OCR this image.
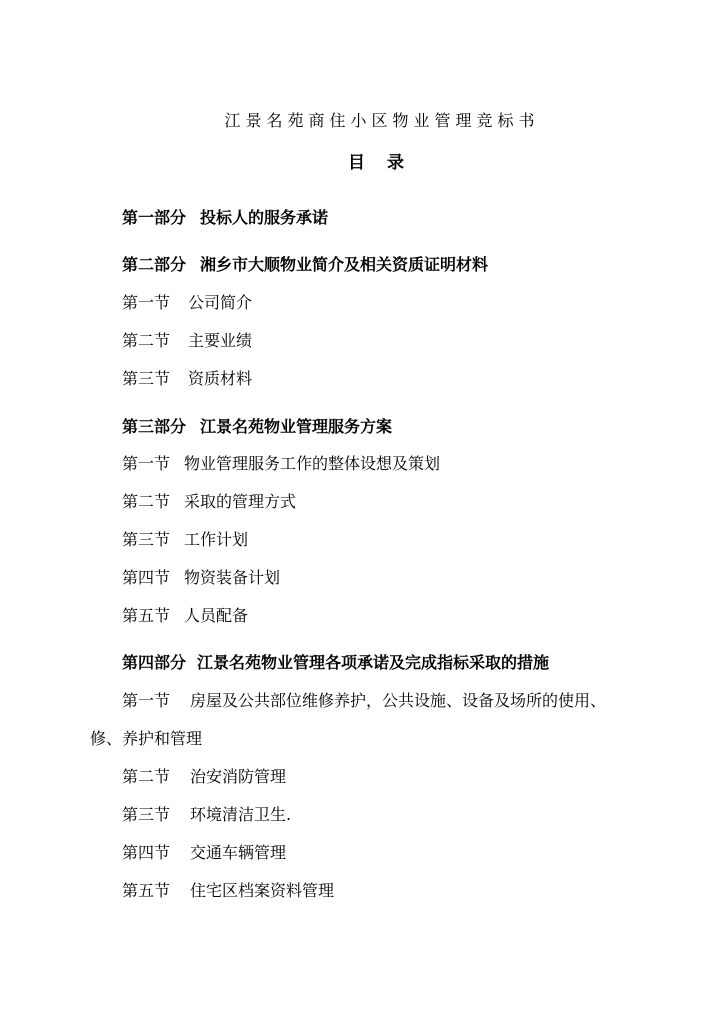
江景名苑商住小区物业管理竞标书
目 录
第一部分 投标人的服务承诺
第二部分 湘乡市大顺物业简介及相关资质证明材料
第一节 公司简介
第二节 主要业绩
第三节 资质材料
第三部分 江景名苑物业管理服务方案
第一节 物业管理服务工作的整体设想及策划
第二节 采取的管理方式
第三节 工作计划
第四节 物资装备计划
第五节 人员配备
第四部分 江景名苑物业管理各项承诺及完成指标采取的措施
第一节 房屋及公共部位维修养护，公共设施、设备及场所的使用、
修、养护和管理
第二节 治安消防管理
第三节 环境清洁卫生.
第四节 交通车辆管理
第五节 住宅区档案资料管理
